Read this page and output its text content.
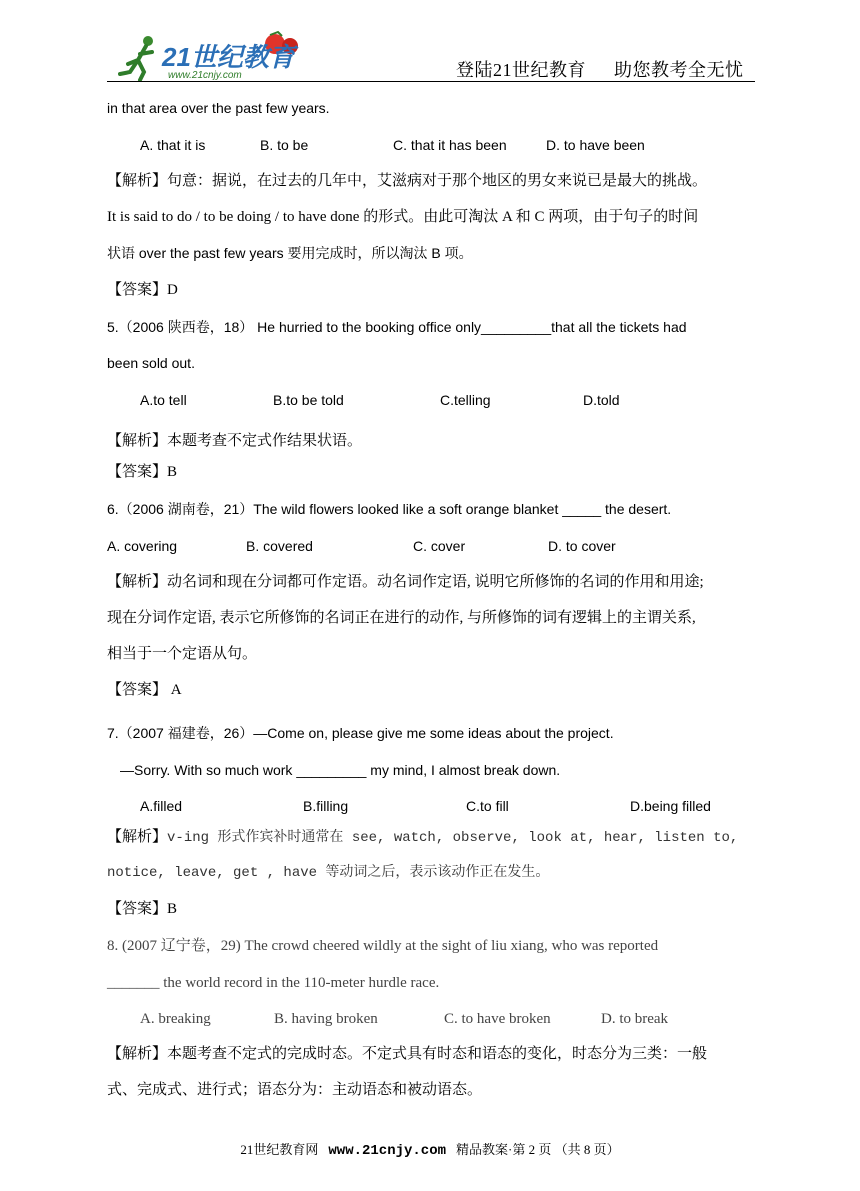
21世纪教育
www.21cnjy.com	登陆21世纪教育 助您教考全无忧
in that area over the past few years.
A. that it is	B. to be	C. that it has been	D. to have been
【解析】句意：据说，在过去的几年中，艾滋病对于那个地区的男女来说已是最大的挑战。
It is said to do / to be doing / to have done 的形式。由此可淘汰 A 和 C 两项，由于句子的时间
状语 over the past few years 要用完成时，所以淘汰 B 项。
【答案】D
5.（2006 陕西卷，18） He hurried to the booking office only_________that all the tickets had
been sold out.
A.to tell	B.to be told	C.telling	D.told
【解析】本题考查不定式作结果状语。
【答案】B
6.（2006 湖南卷，21）The wild flowers looked like a soft orange blanket _____ the desert.
A. covering	B. covered	C. cover	D. to cover
【解析】动名词和现在分词都可作定语。动名词作定语, 说明它所修饰的名词的作用和用途;
现在分词作定语, 表示它所修饰的名词正在进行的动作, 与所修饰的词有逻辑上的主谓关系,
相当于一个定语从句。
【答案】 A
7.（2007 福建卷，26）—Come on, please give me some ideas about the project.
—Sorry. With so much work _________ my mind, I almost break down.
A.filled	B.filling	C.to fill	D.being filled
【解析】v-ing 形式作宾补时通常在 see, watch, observe, look at, hear, listen to,
notice, leave, get , have 等动词之后，表示该动作正在发生。
【答案】B
8. (2007 辽宁卷，29) The crowd cheered wildly at the sight of liu xiang, who was reported
_______ the world record in the 110-meter hurdle race.
A. breaking	B. having broken	C. to have broken	D. to break
【解析】本题考查不定式的完成时态。不定式具有时态和语态的变化，时态分为三类：一般
式、完成式、进行式；语态分为：主动语态和被动语态。
21世纪教育网 www.21cnjy.com 精品教案·第 2 页 （共 8 页）
